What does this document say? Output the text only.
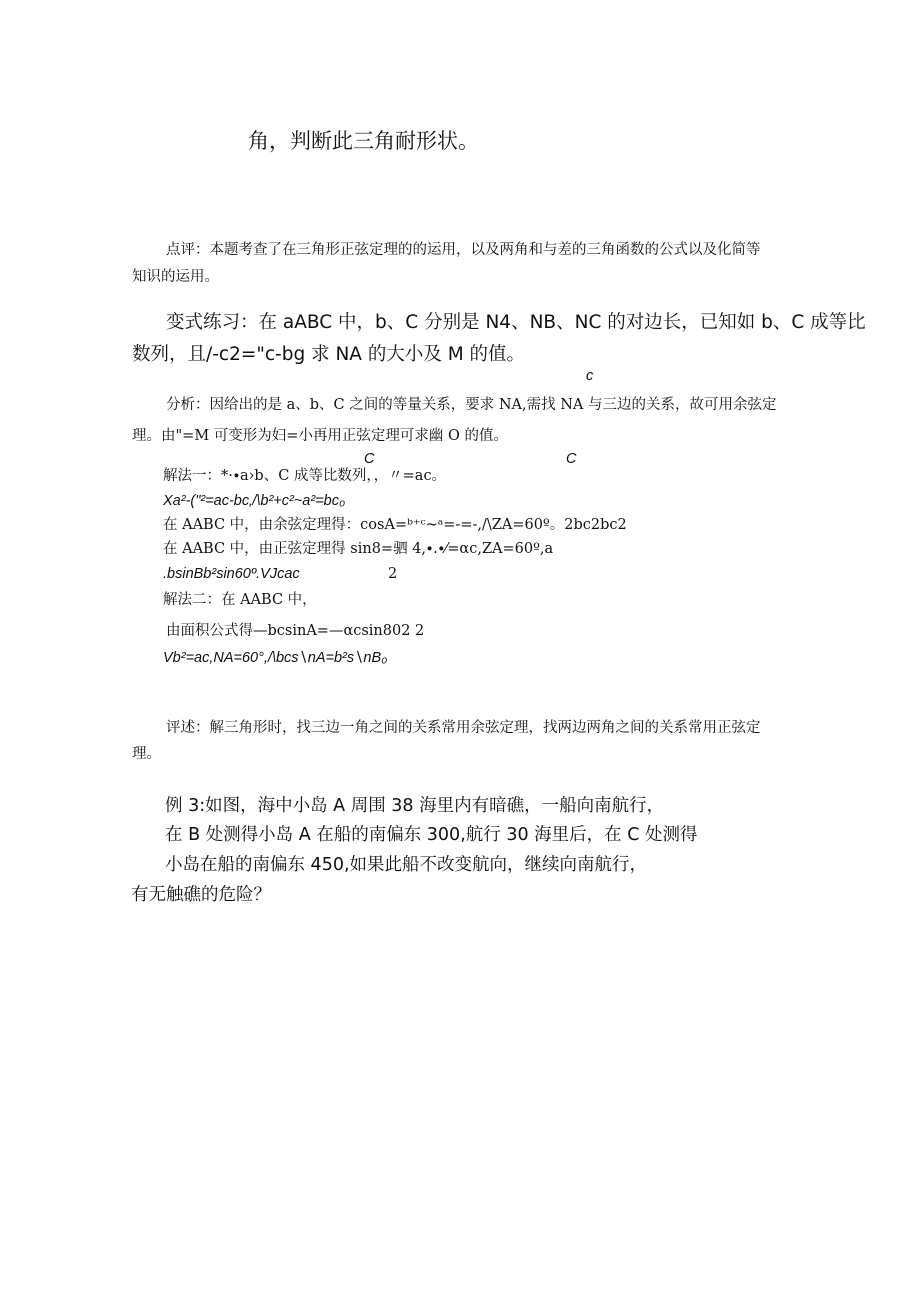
角，判断此三角耐形状。
点评：本题考查了在三角形正弦定理的的运用，以及两角和与差的三角函数的公式以及化简等
知识的运用。
变式练习：在 aABC 中，b、C 分别是 N4、NB、NC 的对边长，已知如 b、C 成等比
数列，且/-c2="c-bg 求 NA 的大小及 M 的值。
c
分析：因给出的是 a、b、C 之间的等量关系，要求 NA,需找 NA 与三边的关系，故可用余弦定
理。由"=M 可变形为妇=小再用正弦定理可求幽 O 的值。
C	C
解法一：*·∙a›b、C 成等比数列，，〃=ac。
Xa²-("²=ac-bc‚/\b²+c²~a²=bc₀
在 AABC 中，由余弦定理得：cosA=ᵇ⁺ᶜ~ᵃ=-=-,/\ZA=60º。2bc2bc2
在 AABC 中，由正弦定理得 sin8=驷 4,∙.∙⁄=αc,ZA=60º,a
.bsinBb²sin60º.VJcac	2
解法二：在 AABC 中，
由面积公式得—bcsinA=—αcsin802 2
Vb²=ac,NA=60°,/\bcs∖nA=b²s∖nB₀
评述：解三角形时，找三边一角之间的关系常用余弦定理，找两边两角之间的关系常用正弦定
理。
例 3:如图，海中小岛 A 周围 38 海里内有暗礁，一船向南航行，
在 B 处测得小岛 A 在船的南偏东 300,航行 30 海里后，在 C 处测得
小岛在船的南偏东 450,如果此船不改变航向，继续向南航行，
有无触礁的危险？
